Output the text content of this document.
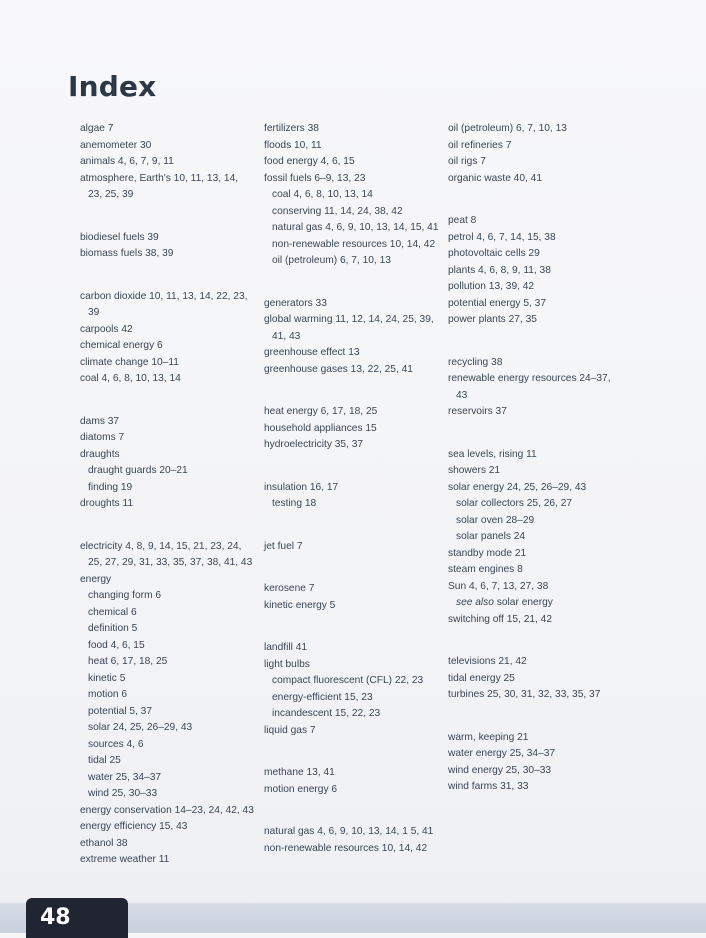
Index
algae 7
anemometer 30
animals 4, 6, 7, 9, 11
atmosphere, Earth's 10, 11, 13, 14, 23, 25, 39
biodiesel fuels 39
biomass fuels 38, 39
carbon dioxide 10, 11, 13, 14, 22, 23, 39
carpools 42
chemical energy 6
climate change 10–11
coal 4, 6, 8, 10, 13, 14
dams 37
diatoms 7
draughts
draught guards 20–21
finding 19
droughts 11
electricity 4, 8, 9, 14, 15, 21, 23, 24, 25, 27, 29, 31, 33, 35, 37, 38, 41, 43
energy
changing form 6
chemical 6
definition 5
food 4, 6, 15
heat 6, 17, 18, 25
kinetic 5
motion 6
potential 5, 37
solar 24, 25, 26–29, 43
sources 4, 6
tidal 25
water 25, 34–37
wind 25, 30–33
energy conservation 14–23, 24, 42, 43
energy efficiency 15, 43
ethanol 38
extreme weather 11
fertilizers 38
floods 10, 11
food energy 4, 6, 15
fossil fuels 6–9, 13, 23
coal 4, 6, 8, 10, 13, 14
conserving 11, 14, 24, 38, 42
natural gas 4, 6, 9, 10, 13, 14, 15, 41
non-renewable resources 10, 14, 42
oil (petroleum) 6, 7, 10, 13
generators 33
global warming 11, 12, 14, 24, 25, 39, 41, 43
greenhouse effect 13
greenhouse gases 13, 22, 25, 41
heat energy 6, 17, 18, 25
household appliances 15
hydroelectricity 35, 37
insulation 16, 17
testing 18
jet fuel 7
kerosene 7
kinetic energy 5
landfill 41
light bulbs
compact fluorescent (CFL) 22, 23
energy-efficient 15, 23
incandescent 15, 22, 23
liquid gas 7
methane 13, 41
motion energy 6
natural gas 4, 6, 9, 10, 13, 14, 1 5, 41
non-renewable resources 10, 14, 42
oil (petroleum) 6, 7, 10, 13
oil refineries 7
oil rigs 7
organic waste 40, 41
peat 8
petrol 4, 6, 7, 14, 15, 38
photovoltaic cells 29
plants 4, 6, 8, 9, 11, 38
pollution 13, 39, 42
potential energy 5, 37
power plants 27, 35
recycling 38
renewable energy resources 24–37, 43
reservoirs 37
sea levels, rising 11
showers 21
solar energy 24, 25, 26–29, 43
solar collectors 25, 26, 27
solar oven 28–29
solar panels 24
standby mode 21
steam engines 8
Sun 4, 6, 7, 13, 27, 38
see also solar energy
switching off 15, 21, 42
televisions 21, 42
tidal energy 25
turbines 25, 30, 31, 32, 33, 35, 37
warm, keeping 21
water energy 25, 34–37
wind energy 25, 30–33
wind farms 31, 33
48
